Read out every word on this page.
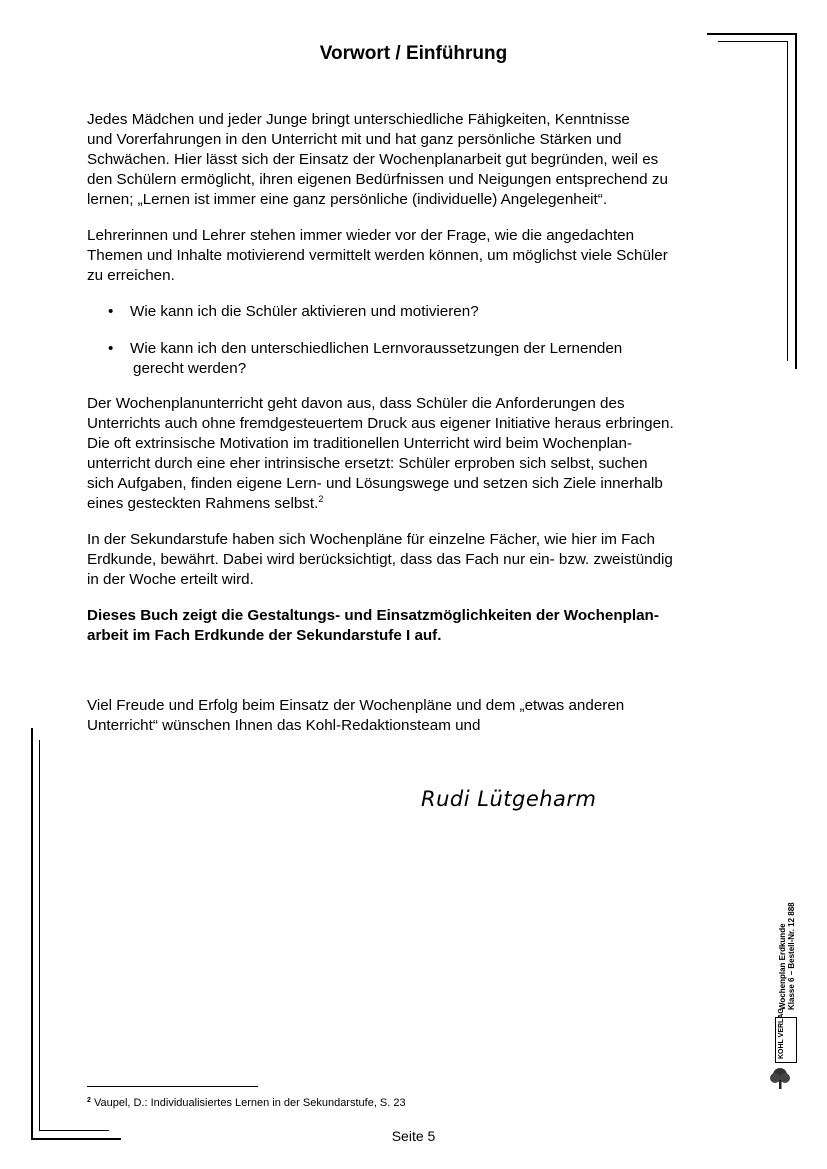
Vorwort / Einführung
Jedes Mädchen und jeder Junge bringt unterschiedliche Fähigkeiten, Kenntnisse
und Vorerfahrungen in den Unterricht mit und hat ganz persönliche Stärken und
Schwächen. Hier lässt sich der Einsatz der Wochenplanarbeit gut begründen, weil es
den Schülern ermöglicht, ihren eigenen Bedürfnissen und Neigungen entsprechend zu
lernen; „Lernen ist immer eine ganz persönliche (individuelle) Angelegenheit“.
Lehrerinnen und Lehrer stehen immer wieder vor der Frage, wie die angedachten
Themen und Inhalte motivierend vermittelt werden können, um möglichst viele Schüler
zu erreichen.
•	Wie kann ich die Schüler aktivieren und motivieren?
•	Wie kann ich den unterschiedlichen Lernvoraussetzungen der Lernenden
gerecht werden?
Der Wochenplanunterricht geht davon aus, dass Schüler die Anforderungen des
Unterrichts auch ohne fremdgesteuertem Druck aus eigener Initiative heraus erbringen.
Die oft extrinsische Motivation im traditionellen Unterricht wird beim Wochenplan-
unterricht durch eine eher intrinsische ersetzt: Schüler erproben sich selbst, suchen
sich Aufgaben, finden eigene Lern- und Lösungswege und setzen sich Ziele innerhalb
eines gesteckten Rahmens selbst.$^2$
In der Sekundarstufe haben sich Wochenpläne für einzelne Fächer, wie hier im Fach
Erdkunde, bewährt. Dabei wird berücksichtigt, dass das Fach nur ein- bzw. zweistündig
in der Woche erteilt wird.
Dieses Buch zeigt die Gestaltungs- und Einsatzmöglichkeiten der Wochenplan-
arbeit im Fach Erdkunde der Sekundarstufe I auf.
Viel Freude und Erfolg beim Einsatz der Wochenpläne und dem „etwas anderen
Unterricht“ wünschen Ihnen das Kohl-Redaktionsteam und
Rudi Lütgeharm
$^2$ Vaupel, D.: Individualisiertes Lernen in der Sekundarstufe, S. 23
Seite 5
Wochenplan Erdkunde Klasse 6 – Bestell-Nr. 12 888
KOHL VERLAG
